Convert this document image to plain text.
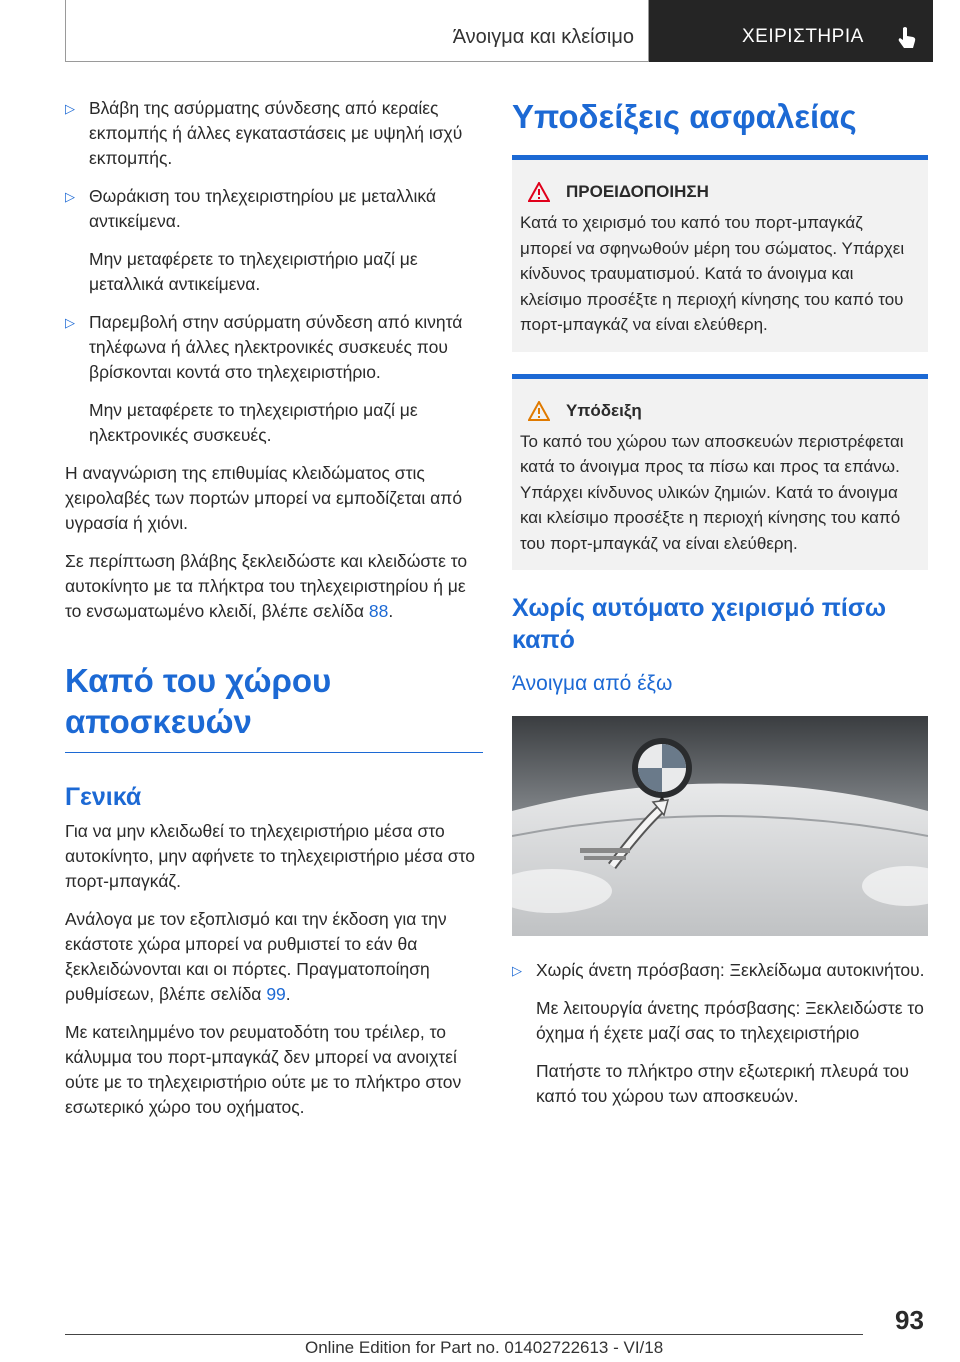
Άνοιγμα και κλείσιμο	ΧΕΙΡΙΣΤΗΡΙΑ

▷ Βλάβη της ασύρματης σύνδεσης από κεραίες εκπομπής ή άλλες εγκαταστάσεις με υψηλή ισχύ εκπομπής.

▷ Θωράκιση του τηλεχειριστηρίου με μεταλλικά αντικείμενα.

Μην μεταφέρετε το τηλεχειριστήριο μαζί με μεταλλικά αντικείμενα.

▷ Παρεμβολή στην ασύρματη σύνδεση από κινητά τηλέφωνα ή άλλες ηλεκτρονικές συσκευές που βρίσκονται κοντά στο τηλεχειριστήριο.

Μην μεταφέρετε το τηλεχειριστήριο μαζί με ηλεκτρονικές συσκευές.

Η αναγνώριση της επιθυμίας κλειδώματος στις χειρολαβές των πορτών μπορεί να εμποδίζεται από υγρασία ή χιόνι.

Σε περίπτωση βλάβης ξεκλειδώστε και κλειδώστε το αυτοκίνητο με τα πλήκτρα του τηλεχειριστηρίου ή με το ενσωματωμένο κλειδί, βλέπε σελίδα 88.

Καπό του χώρου αποσκευών
Γενικά

Για να μην κλειδωθεί το τηλεχειριστήριο μέσα στο αυτοκίνητο, μην αφήνετε το τηλεχειριστήριο μέσα στο πορτ-μπαγκάζ.

Ανάλογα με τον εξοπλισμό και την έκδοση για την εκάστοτε χώρα μπορεί να ρυθμιστεί το εάν θα ξεκλειδώνονται και οι πόρτες. Πραγματοποίηση ρυθμίσεων, βλέπε σελίδα 99.

Με κατειλημμένο τον ρευματοδότη του τρέιλερ, το κάλυμμα του πορτ-μπαγκάζ δεν μπορεί να ανοιχτεί ούτε με το τηλεχειριστήριο ούτε με το πλήκτρο στον εσωτερικό χώρο του οχήματος.

Υποδείξεις ασφαλείας
ΠΡΟΕΙΔΟΠΟΙΗΣΗ

Κατά το χειρισμό του καπό του πορτ-μπαγκάζ μπορεί να σφηνωθούν μέρη του σώματος. Υπάρχει κίνδυνος τραυματισμού. Κατά το άνοιγμα και κλείσιμο προσέξτε η περιοχή κίνησης του καπό του πορτ-μπαγκάζ να είναι ελεύθερη.

Υπόδειξη

Το καπό του χώρου των αποσκευών περιστρέφεται κατά το άνοιγμα προς τα πίσω και προς τα επάνω. Υπάρχει κίνδυνος υλικών ζημιών. Κατά το άνοιγμα και κλείσιμο προσέξτε η περιοχή κίνησης του καπό του πορτ-μπαγκάζ να είναι ελεύθερη.

Χωρίς αυτόματο χειρισμό πίσω καπό
Άνοιγμα από έξω

▷ Χωρίς άνετη πρόσβαση: Ξεκλείδωμα αυτοκινήτου.

Με λειτουργία άνετης πρόσβασης: Ξεκλειδώστε το όχημα ή έχετε μαζί σας το τηλεχειριστήριο

Πατήστε το πλήκτρο στην εξωτερική πλευρά του καπό του χώρου των αποσκευών.

93
Online Edition for Part no. 01402722613 - VI/18
